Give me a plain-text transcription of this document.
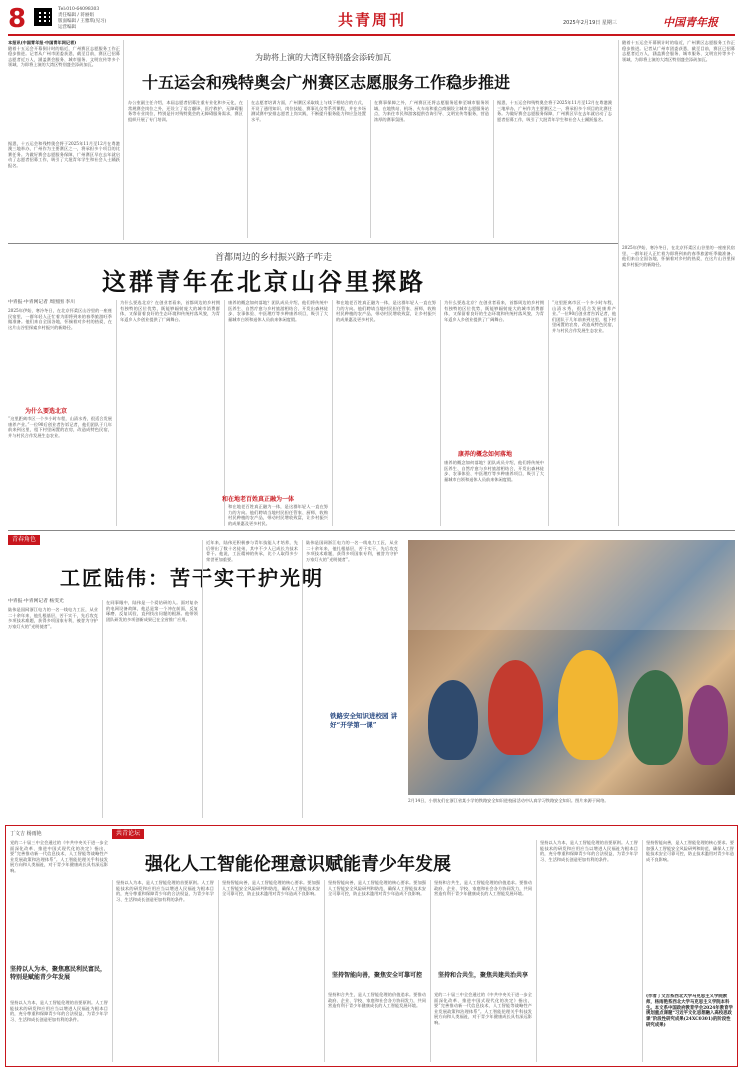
8	Tel:010-64098303
责任编辑 / 蒋丽娟
版面编辑 / 王雅琪(见习)
运营编辑	共青周刊	2025年2月19日 星期三	中国青年报
本报讯(中国青年报·中国青年网记者)
随着十五运会开幕倒计时的临近，广州赛区志愿服务工作正稳步推进。记者从广州市团委获悉，截至目前，赛区已招募志愿者近万人，涵盖赛会服务、城市服务、文明宣传等多个领域，为即将上演的大湾区特别盛会添砖加瓦。
据悉，十五运会和残特奥会将于2025年11月至12月在粤港澳三地举办，广州作为主要赛区之一，将承担多个项目的比赛任务。为做好赛会志愿服务保障，广州赛区早在去年就启动了志愿者招募工作，吸引了大批青年学生和社会人士踊跃报名。
为助将上演的大湾区特别盛会添砖加瓦
十五运会和残特奥会广州赛区志愿服务工作稳步推进
办公室副主任介绍，本届志愿者招募注重专业化和多元化，在常规赛会岗位之外，还设立了语言翻译、医疗救护、无障碍服务等专业岗位，特别是针对残特奥会的无障碍服务需求，赛区组织开展了专门培训。
在志愿者培训方面，广州赛区采取线上与线下相结合的方式，开设了通用知识、岗位技能、赛事礼仪等系列课程，并在多场测试赛中安排志愿者上岗实践，不断提升服务能力和应急处置水平。
在赛事保障之外，广州赛区还将志愿服务延伸至城市服务领域，在地铁站、机场、火车站和重点商圈设立城市志愿服务站点，为来往市民和游客提供咨询引导、文明宣传等服务，营造浓厚的赛事氛围。
据悉，十五运会和残特奥会将于2025年11月至12月在粤港澳三地举办，广州作为主要赛区之一，将承担多个项目的比赛任务。为做好赛会志愿服务保障，广州赛区早在去年就启动了志愿者招募工作，吸引了大批青年学生和社会人士踊跃报名。
随着十五运会开幕倒计时的临近，广州赛区志愿服务工作正稳步推进。记者从广州市团委获悉，截至目前，赛区已招募志愿者近万人，涵盖赛会服务、城市服务、文明宣传等多个领域，为即将上演的大湾区特别盛会添砖加瓦。
首都周边的乡村振兴路子咋走
这群青年在北京山谷里探路
中青报·中青网记者 周围围 李川
2025年伊始，寒冷冬日，在北京怀柔区山谷里的一座座民宿里，一群年轻人正忙着为即将到来的春季旅游旺季做准备。他们来自全国各地，怀揣着对乡村的热爱，在这片山谷里探索乡村振兴的新路径。
为什么要选北京
“这里距离市区一个多小时车程，山清水秀，很适合发展康养产业。”一位90后创业者告诉记者，他们团队于几年前来到这里，租下村里闲置的农房，改造成特色民宿，并与村民合作发展生态农业。
为什么要选北京？在创业者看来，首都周边的乡村拥有独特的区位优势，既能够辐射庞大的城市消费群体，又保留着良好的生态环境和传统村落风貌，为青年返乡入乡创业提供了广阔舞台。
康养的概念如何落地？团队成员介绍，他们将传统中医养生、自然疗愈与乡村旅游相结合，开发出森林徒步、农事体验、中医理疗等多种康养项目，吸引了大量城市白领和退休人员前来休闲度假。
和在地老百姓真正融为一体
和在地老百姓真正融为一体，是这群年轻人一直在努力的方向。他们聘请当地村民担任管家、厨师，收购村民种植的农产品，带动村民增收致富，让乡村振兴的成果惠及更多村民。
和在地老百姓真正融为一体，是这群年轻人一直在努力的方向。他们聘请当地村民担任管家、厨师，收购村民种植的农产品，带动村民增收致富，让乡村振兴的成果惠及更多村民。
为什么要选北京？在创业者看来，首都周边的乡村拥有独特的区位优势，既能够辐射庞大的城市消费群体，又保留着良好的生态环境和传统村落风貌，为青年返乡入乡创业提供了广阔舞台。
康养的概念如何落地
康养的概念如何落地？团队成员介绍，他们将传统中医养生、自然疗愈与乡村旅游相结合，开发出森林徒步、农事体验、中医理疗等多种康养项目，吸引了大量城市白领和退休人员前来休闲度假。
“这里距离市区一个多小时车程，山清水秀，很适合发展康养产业。”一位90后创业者告诉记者，他们团队于几年前来到这里，租下村里闲置的农房，改造成特色民宿，并与村民合作发展生态农业。
2025年伊始，寒冷冬日，在北京怀柔区山谷里的一座座民宿里，一群年轻人正忙着为即将到来的春季旅游旺季做准备。他们来自全国各地，怀揣着对乡村的热爱，在这片山谷里探索乡村振兴的新路径。
青春角色
工匠陆伟：苦干实干护光明
中青报·中青网记者 杨雯光
陆伟是国网浙江电力的一名一线电力工匠，从业二十余年来，他扎根基层，苦干实干，先后攻克多项技术难题，获得多项国家专利，被誉为守护万家灯火的“光明使者”。
在同事眼中，陆伟是一个爱钻研的人。面对复杂的电网设备故障，他总是第一个冲在前面，反复琢磨、反复试验，直到找出问题的根源。他带领团队研发的多项创新成果已在全省推广应用。
近年来，陆伟还积极参与青年技能人才培养，先后带出了数十名徒弟，其中不少人已成长为技术骨干。他说，工匠精神的传承，比个人取得多少荣誉更加重要。
陆伟是国网浙江电力的一名一线电力工匠，从业二十余年来，他扎根基层，苦干实干，先后攻克多项技术难题，获得多项国家专利，被誉为守护万家灯火的“光明使者”。
铁路安全知识进校园 讲好“开学第一课”
2月14日，小朋友们在浙江省某小学的铁路安全知识进校园活动中认真学习铁路安全知识。图片来源于网络。
丁文吉 杨雨艳	共青论坛
强化人工智能伦理意识赋能青少年发展
党的二十届三中全会通过的《中共中央关于进一步全面深化改革、推进中国式现代化的决定》指出，要“完善推动新一代信息技术、人工智能等战略性产业发展政策和治理体系”。人工智能伦理关乎科技发展方向和人类福祉，对于青少年健康成长具有深远影响。
坚持以人为本，聚焦惠民利民富民，特别是赋能青少年发展
坚持以人为本，是人工智能伦理的首要原则。人工智能技术的研发和应用应当以增进人民福祉为根本目的，充分尊重和保障青少年的合法权益，为青少年学习、生活和成长创造更加有利的条件。
坚持以人为本，是人工智能伦理的首要原则。人工智能技术的研发和应用应当以增进人民福祉为根本目的，充分尊重和保障青少年的合法权益，为青少年学习、生活和成长创造更加有利的条件。
坚持智能向善，是人工智能伦理的核心要求。要加强人工智能安全风险研判和防范，确保人工智能技术安全可靠可控，防止技术滥用对青少年造成不良影响。
坚持智能向善，是人工智能伦理的核心要求。要加强人工智能安全风险研判和防范，确保人工智能技术安全可靠可控，防止技术滥用对青少年造成不良影响。
坚持智能向善，聚焦安全可靠可控
坚持和合共生，是人工智能伦理的价值追求。要推动政府、企业、学校、家庭和社会各方协同发力，共同营造有利于青少年健康成长的人工智能发展环境。
坚持和合共生，是人工智能伦理的价值追求。要推动政府、企业、学校、家庭和社会各方协同发力，共同营造有利于青少年健康成长的人工智能发展环境。
坚持和合共生，聚焦共建共治共享
党的二十届三中全会通过的《中共中央关于进一步全面深化改革、推进中国式现代化的决定》指出，要“完善推动新一代信息技术、人工智能等战略性产业发展政策和治理体系”。人工智能伦理关乎科技发展方向和人类福祉，对于青少年健康成长具有深远影响。
坚持以人为本，是人工智能伦理的首要原则。人工智能技术的研发和应用应当以增进人民福祉为根本目的，充分尊重和保障青少年的合法权益，为青少年学习、生活和成长创造更加有利的条件。
坚持智能向善，是人工智能伦理的核心要求。要加强人工智能安全风险研判和防范，确保人工智能技术安全可靠可控，防止技术滥用对青少年造成不良影响。
(作者丁文吉系西北大学马克思主义学院教师，杨雨艳系西北大学马克思主义学院本科生。本文系中国政府教育学会2024年教育学规划重点课题“习近平文化思想融入高校思政课”阶段性研究成果(24XC0301)的阶段性研究成果)
